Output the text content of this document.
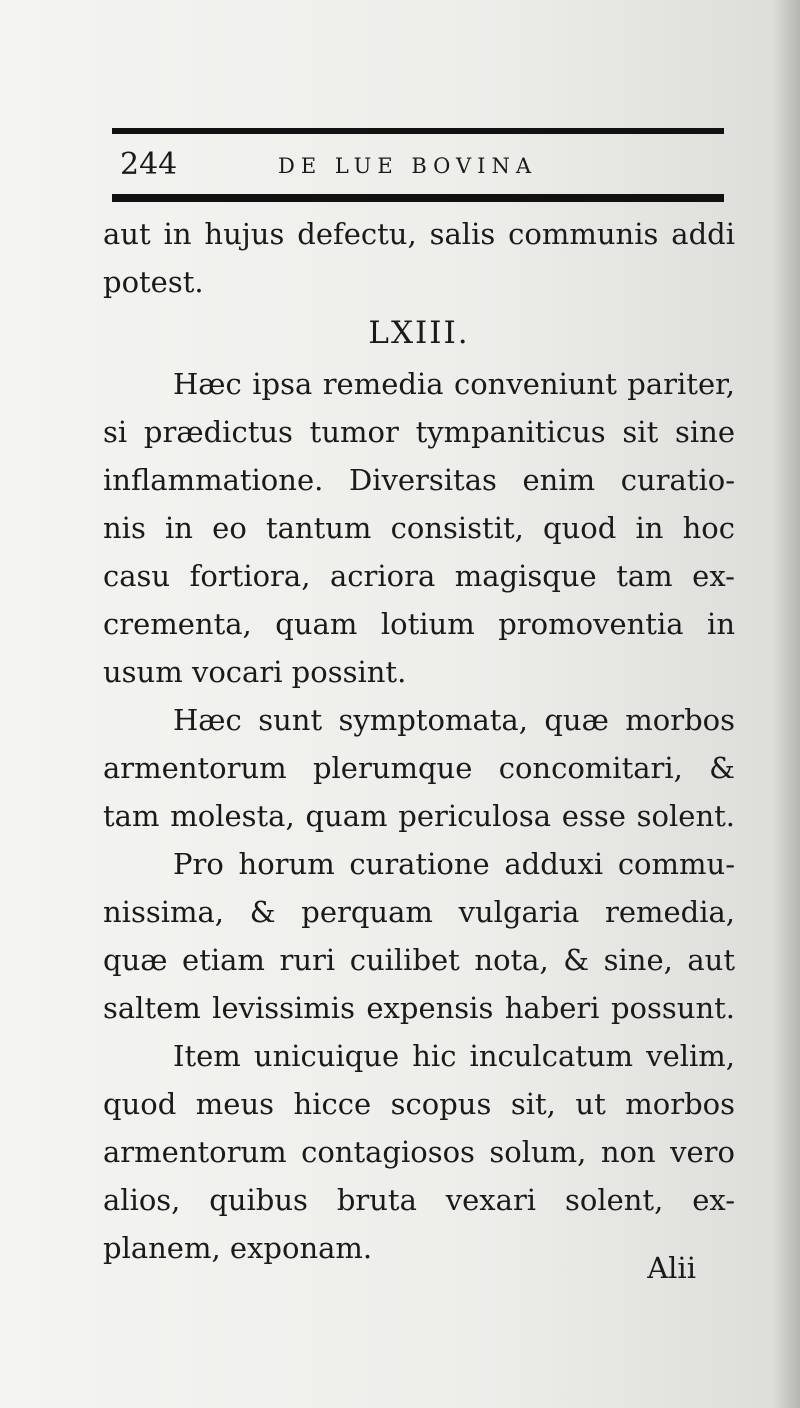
244	DE LUE BOVINA
aut in hujus defectu, salis communis addi
potest.
LXIII.
Hæc ipsa remedia conveniunt pariter,
si prædictus tumor tympaniticus sit sine
inflammatione. Diversitas enim curatio-
nis in eo tantum consistit, quod in hoc
casu fortiora, acriora magisque tam ex-
crementa, quam lotium promoventia in
usum vocari possint.
Hæc sunt symptomata, quæ morbos
armentorum plerumque concomitari, &
tam molesta, quam periculosa esse solent.
Pro horum curatione adduxi commu-
nissima, & perquam vulgaria remedia,
quæ etiam ruri cuilibet nota, & sine, aut
saltem levissimis expensis haberi possunt.
Item unicuique hic inculcatum velim,
quod meus hicce scopus sit, ut morbos
armentorum contagiosos solum, non vero
alios, quibus bruta vexari solent, ex-
planem, exponam.
Alii
